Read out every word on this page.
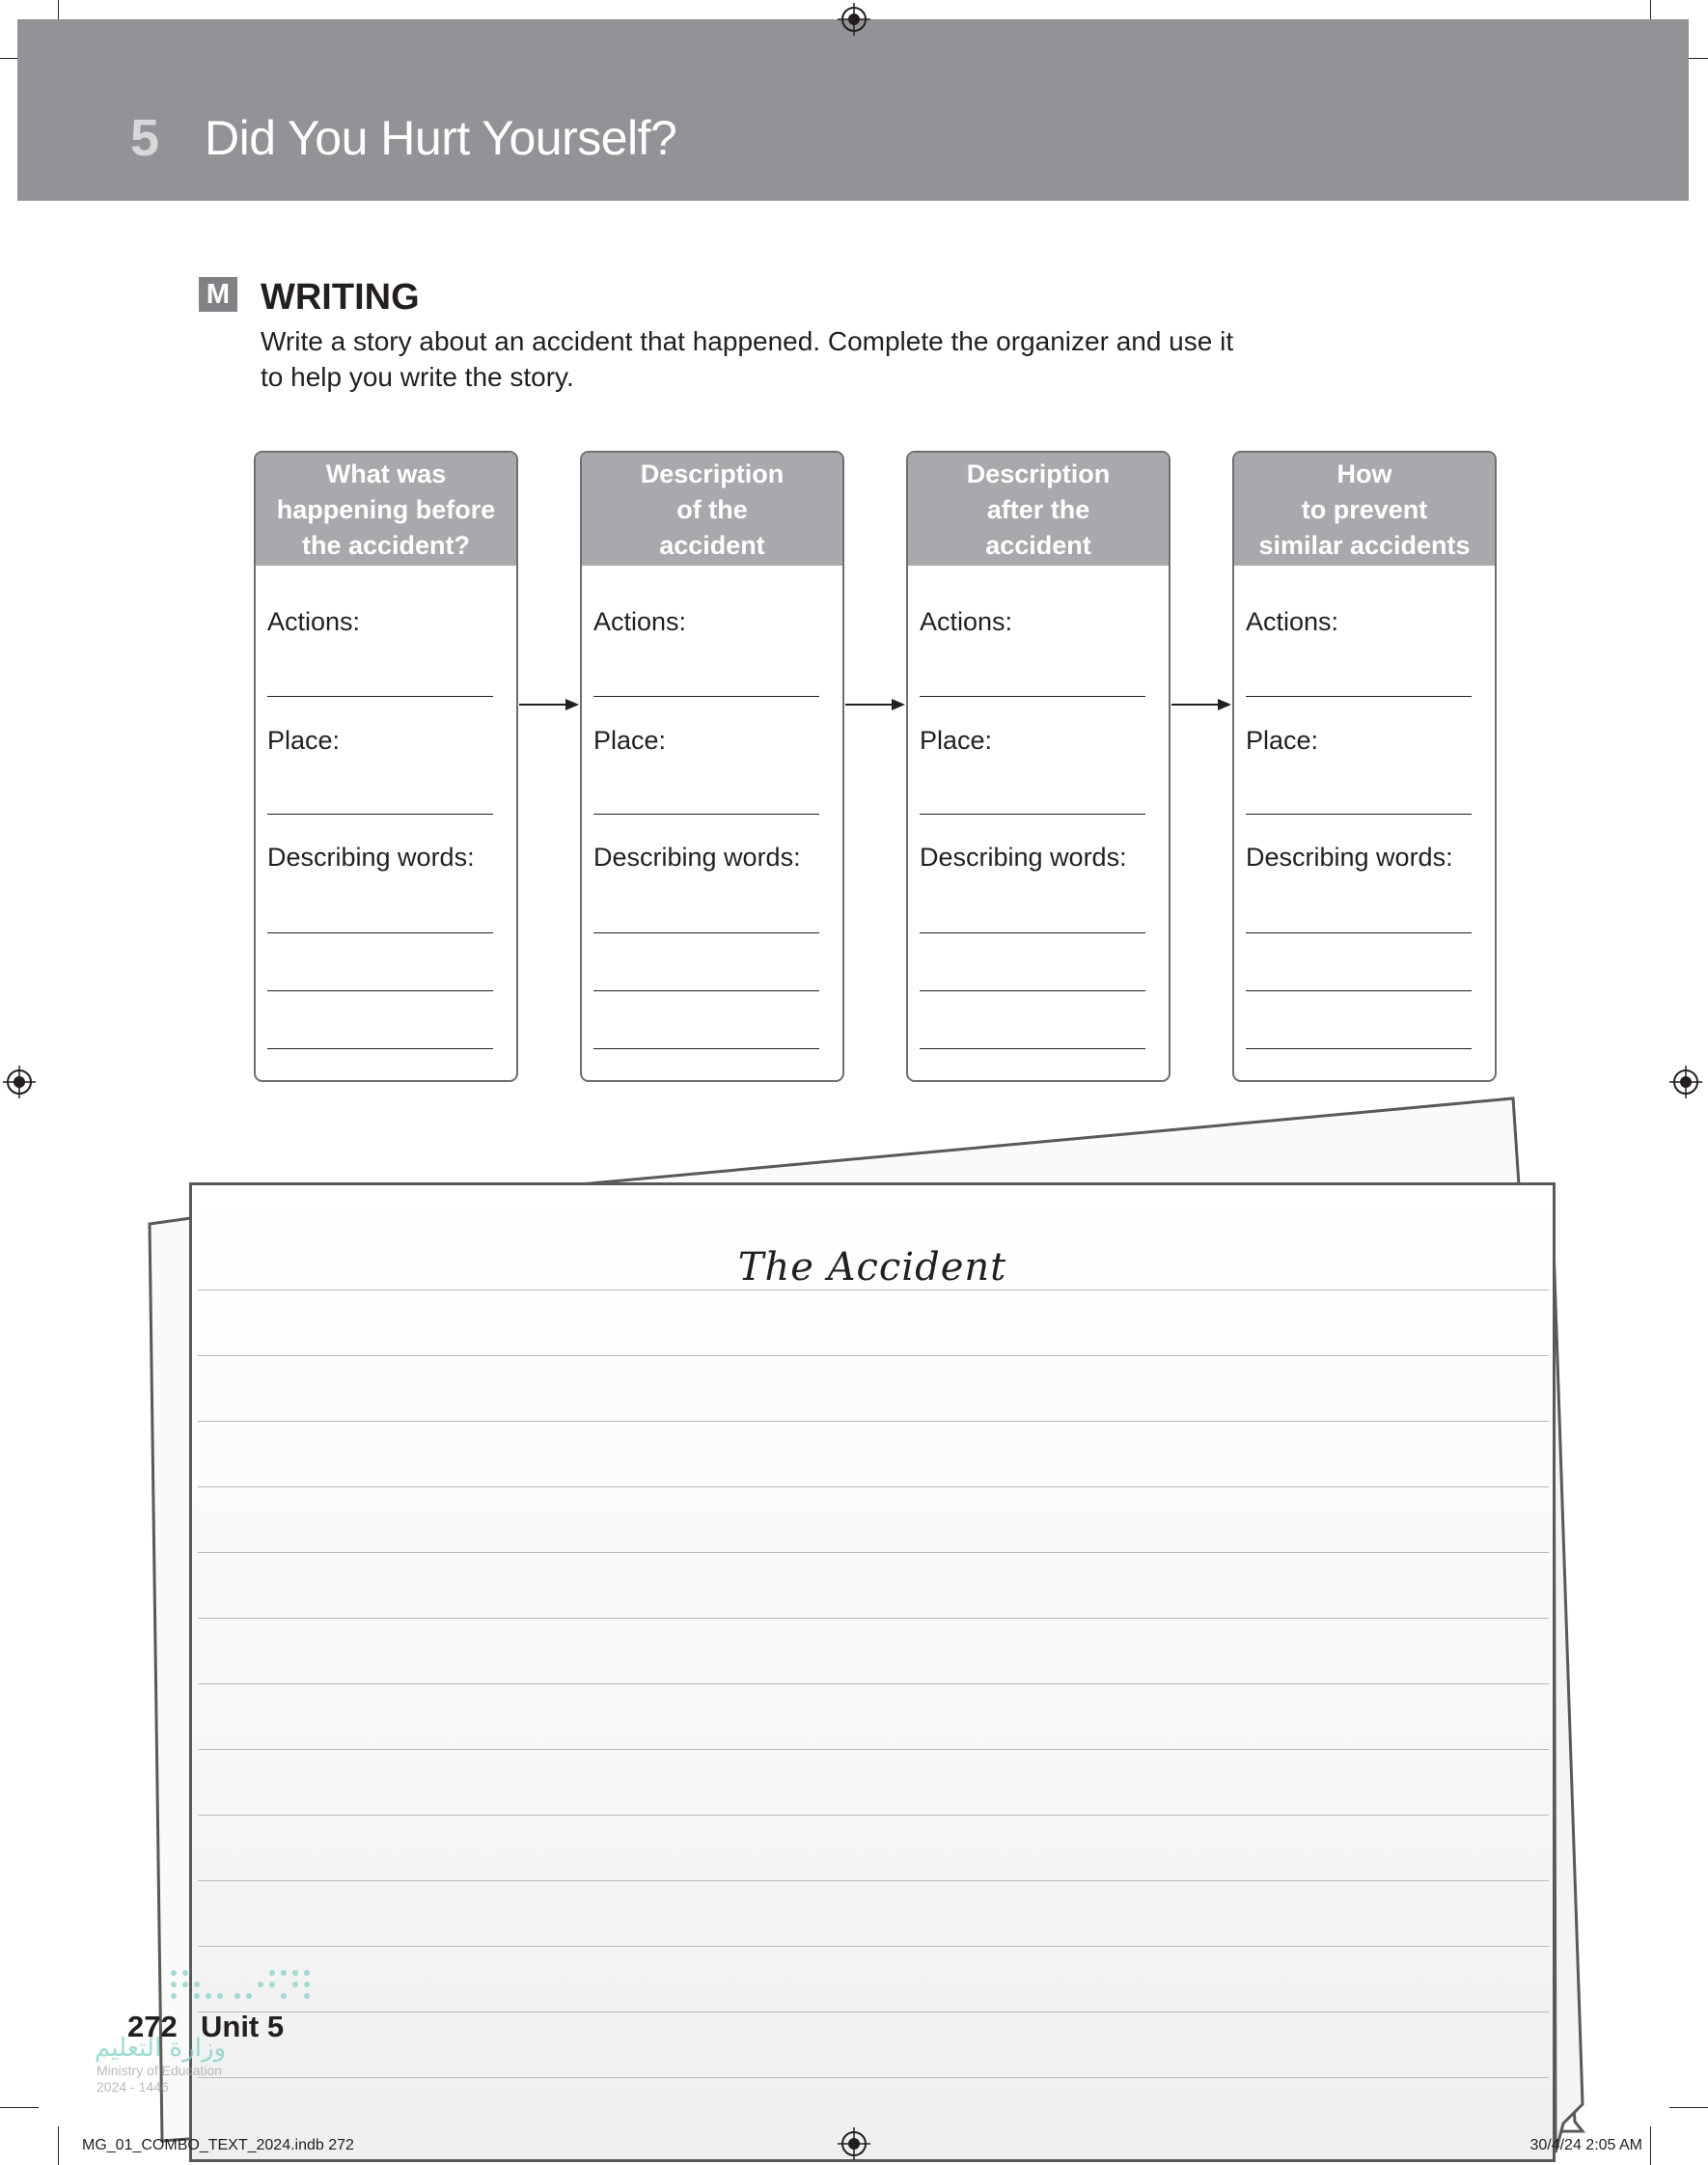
5 Did You Hurt Yourself?
M WRITING
Write a story about an accident that happened. Complete the organizer and use it
to help you write the story.
What was
happening before
the accident?
Actions:
Place:
Describing words:
Description
of the
accident
Actions:
Place:
Describing words:
Description
after the
accident
Actions:
Place:
Describing words:
How
to prevent
similar accidents
Actions:
Place:
Describing words:
The Accident
وزارة التعليم
Ministry of Education
2024 - 1446
272 Unit 5
MG_01_COMBO_TEXT_2024.indb 272	30/4/24 2:05 AM
